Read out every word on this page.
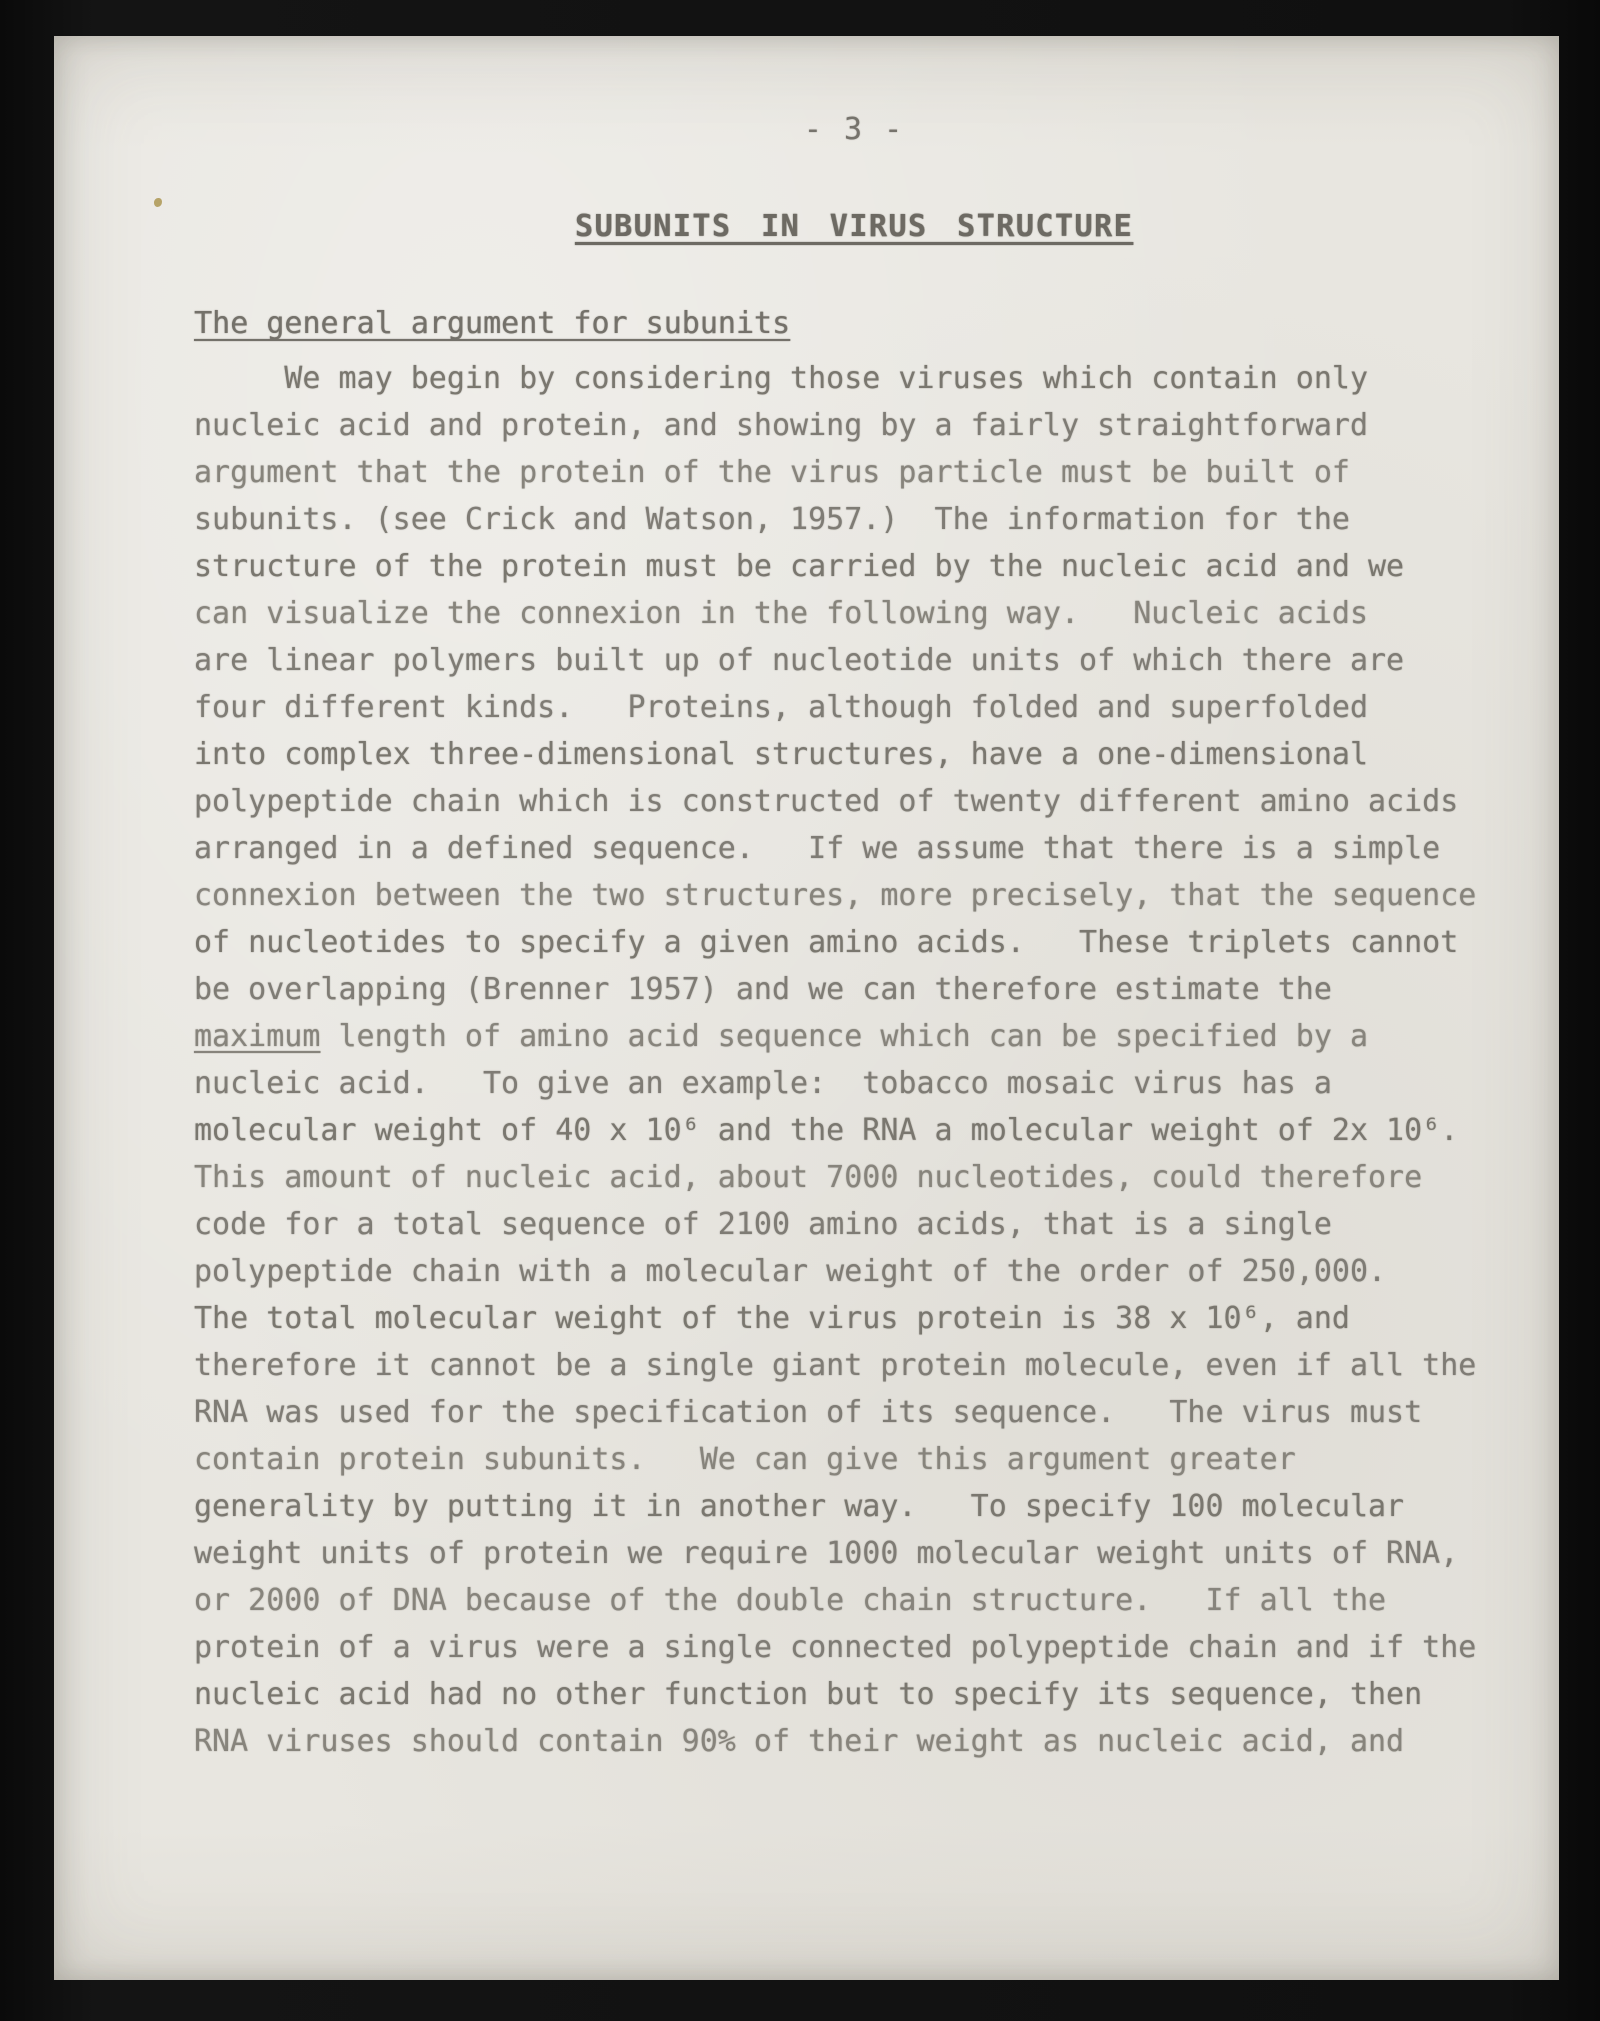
- 3 -
SUBUNITS IN VIRUS STRUCTURE
The general argument for subunits
We may begin by considering those viruses which contain only
nucleic acid and protein, and showing by a fairly straightforward
argument that the protein of the virus particle must be built of
subunits. (see Crick and Watson, 1957.)  The information for the
structure of the protein must be carried by the nucleic acid and we
can visualize the connexion in the following way.   Nucleic acids
are linear polymers built up of nucleotide units of which there are
four different kinds.   Proteins, although folded and superfolded
into complex three-dimensional structures, have a one-dimensional
polypeptide chain which is constructed of twenty different amino acids
arranged in a defined sequence.   If we assume that there is a simple
connexion between the two structures, more precisely, that the sequence
of nucleotides to specify a given amino acids.   These triplets cannot
be overlapping (Brenner 1957) and we can therefore estimate the
maximum length of amino acid sequence which can be specified by a
nucleic acid.   To give an example:  tobacco mosaic virus has a
molecular weight of 40 x 10⁶ and the RNA a molecular weight of 2x 10⁶.
This amount of nucleic acid, about 7000 nucleotides, could therefore
code for a total sequence of 2100 amino acids, that is a single
polypeptide chain with a molecular weight of the order of 250,000.
The total molecular weight of the virus protein is 38 x 10⁶, and
therefore it cannot be a single giant protein molecule, even if all the
RNA was used for the specification of its sequence.   The virus must
contain protein subunits.   We can give this argument greater
generality by putting it in another way.   To specify 100 molecular
weight units of protein we require 1000 molecular weight units of RNA,
or 2000 of DNA because of the double chain structure.   If all the
protein of a virus were a single connected polypeptide chain and if the
nucleic acid had no other function but to specify its sequence, then
RNA viruses should contain 90% of their weight as nucleic acid, and
